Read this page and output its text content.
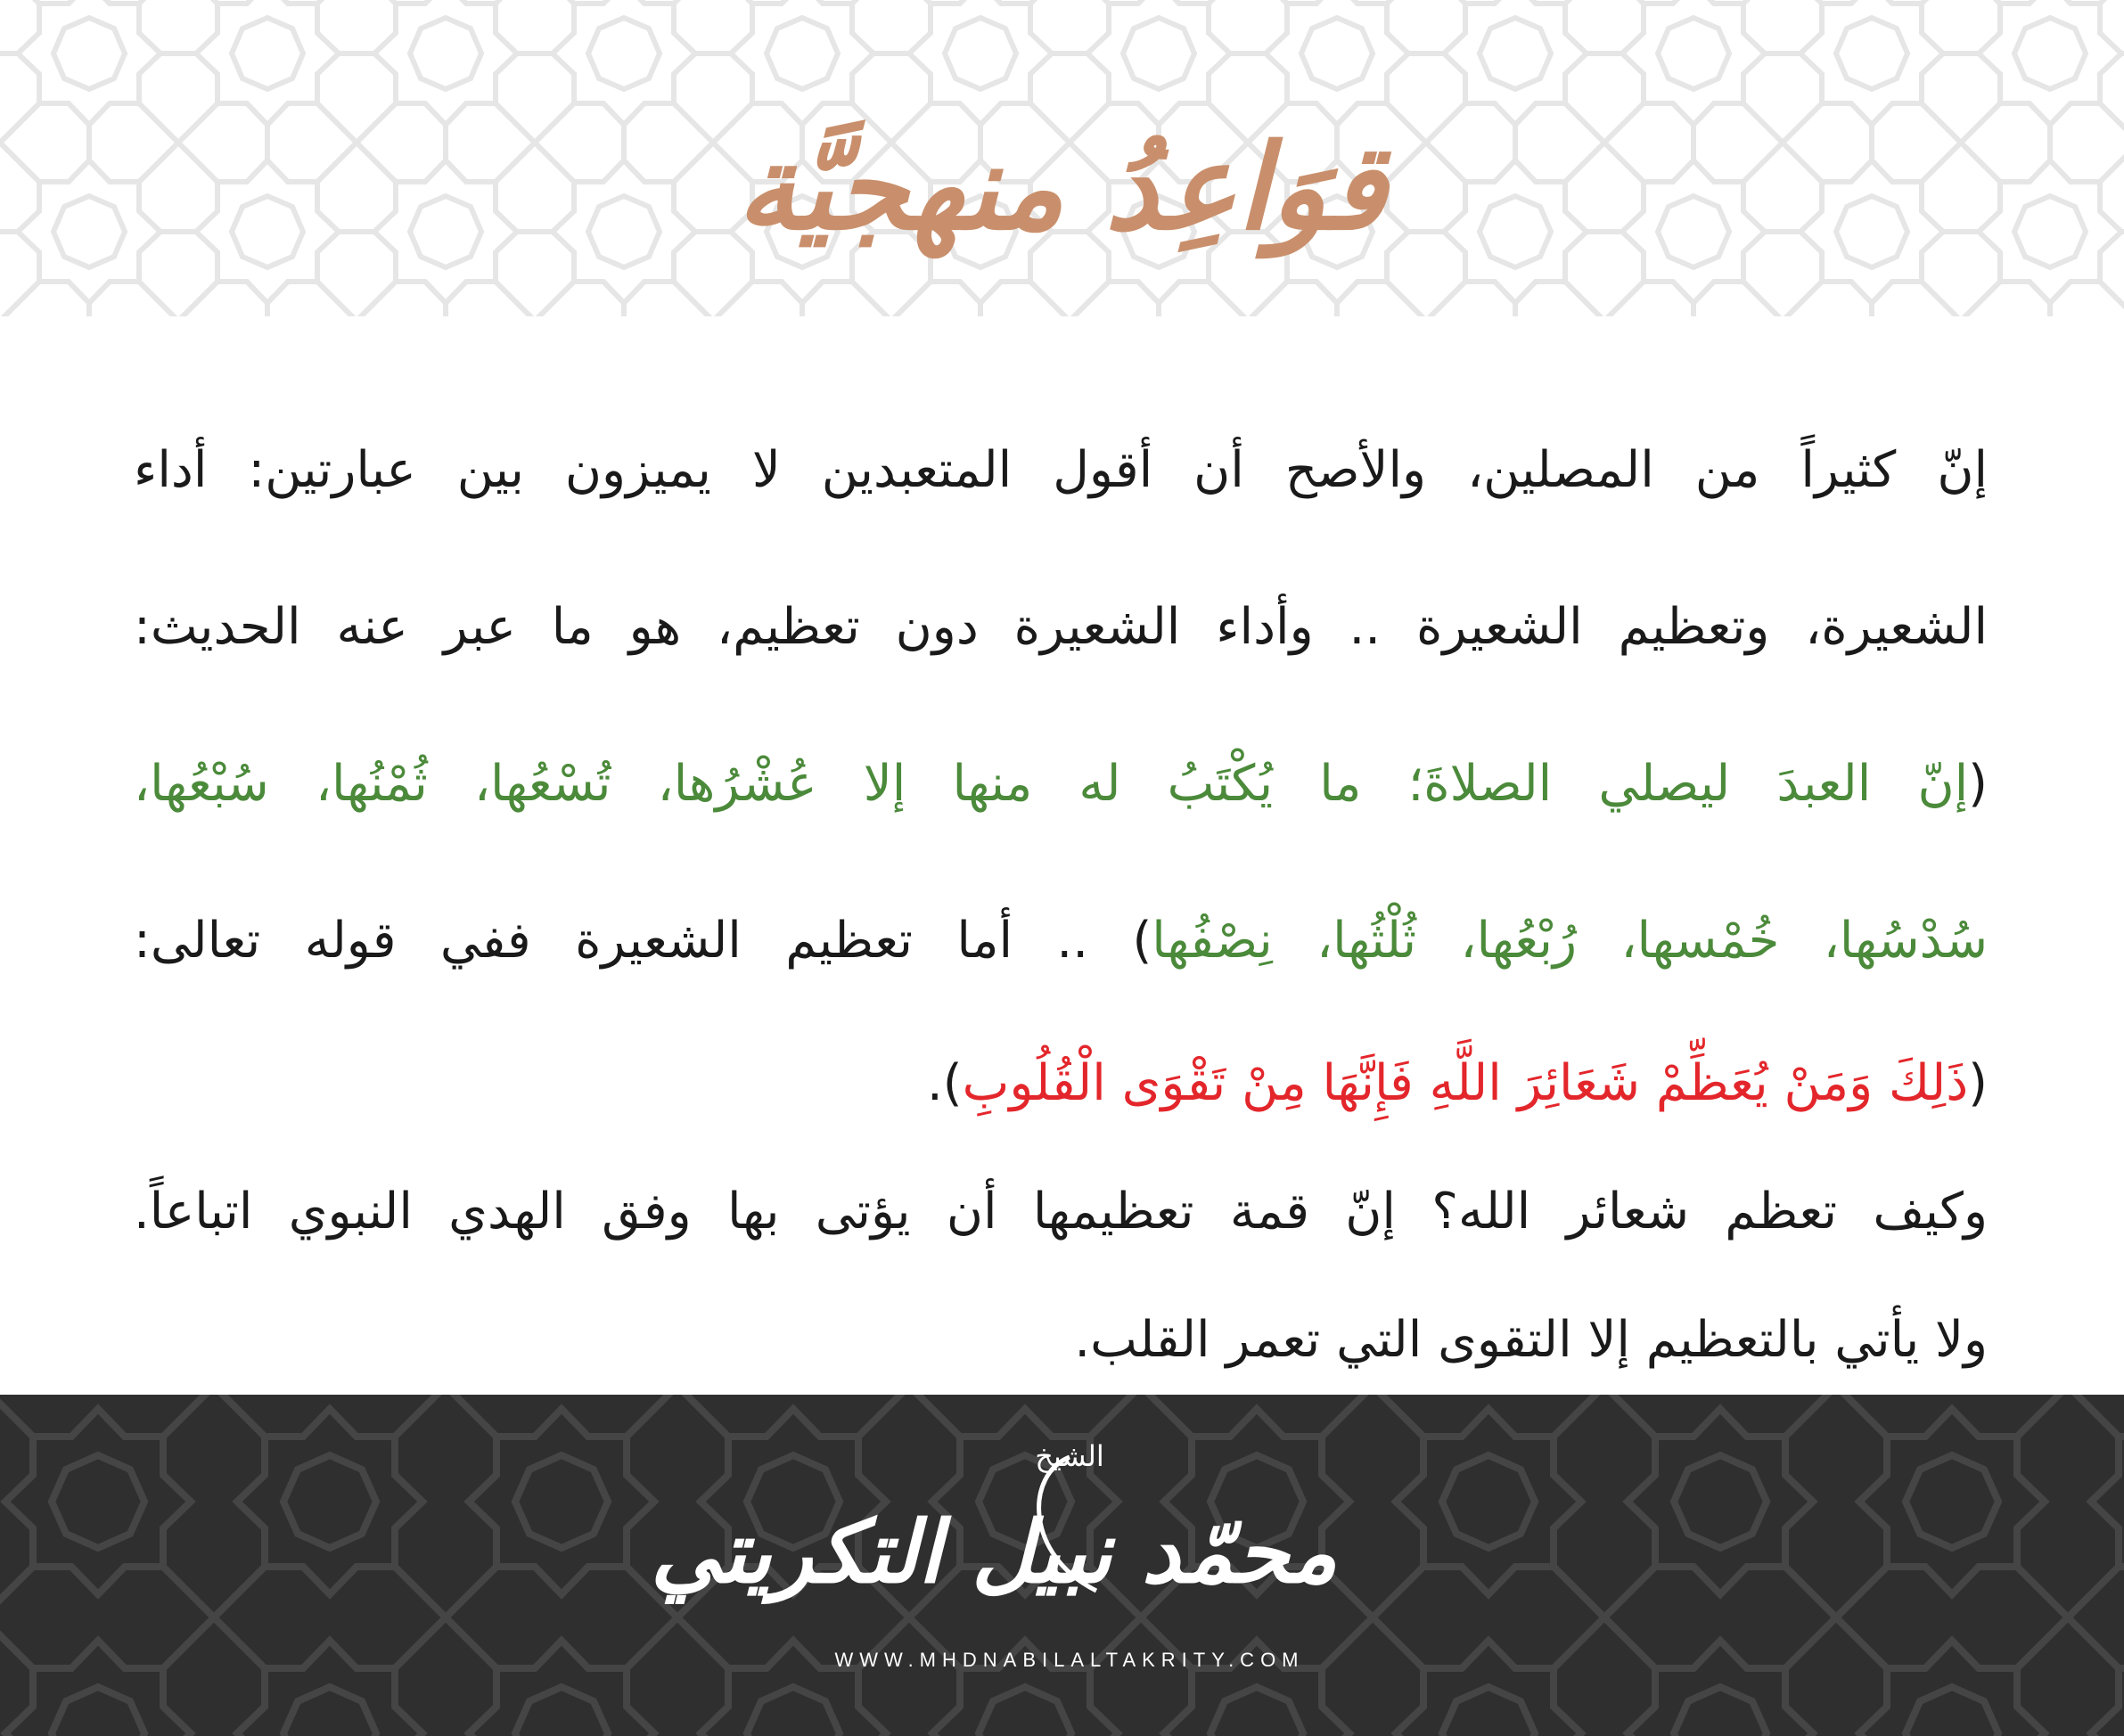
قوَاعِدُ منهجيَّة

إنّ كثيراً من المصلين، والأصح أن أقول المتعبدين لا يميزون بين عبارتين: أداء

الشعيرة، وتعظيم الشعيرة .. وأداء الشعيرة دون تعظيم، هو ما عبر عنه الحديث:

(إنّ العبدَ ليصلي الصلاةَ؛ ما يُكْتَبُ له منها إلا عُشْرُها، تُسْعُها، ثُمْنُها، سُبْعُها،

سُدْسُها، خُمْسها، رُبْعُها، ثُلْثُها، نِصْفُها) .. أما تعظيم الشعيرة ففي قوله تعالى:

(ذَلِكَ وَمَنْ يُعَظِّمْ شَعَائِرَ اللَّهِ فَإِنَّهَا مِنْ تَقْوَى الْقُلُوبِ).

وكيف تعظم شعائر الله؟ إنّ قمة تعظيمها أن يؤتى بها وفق الهدي النبوي اتباعاً.

ولا يأتي بالتعظيم إلا التقوى التي تعمر القلب.

الشيخ
محمّد نبيل التكريتي
WWW.MHDNABILALTAKRITY.COM
